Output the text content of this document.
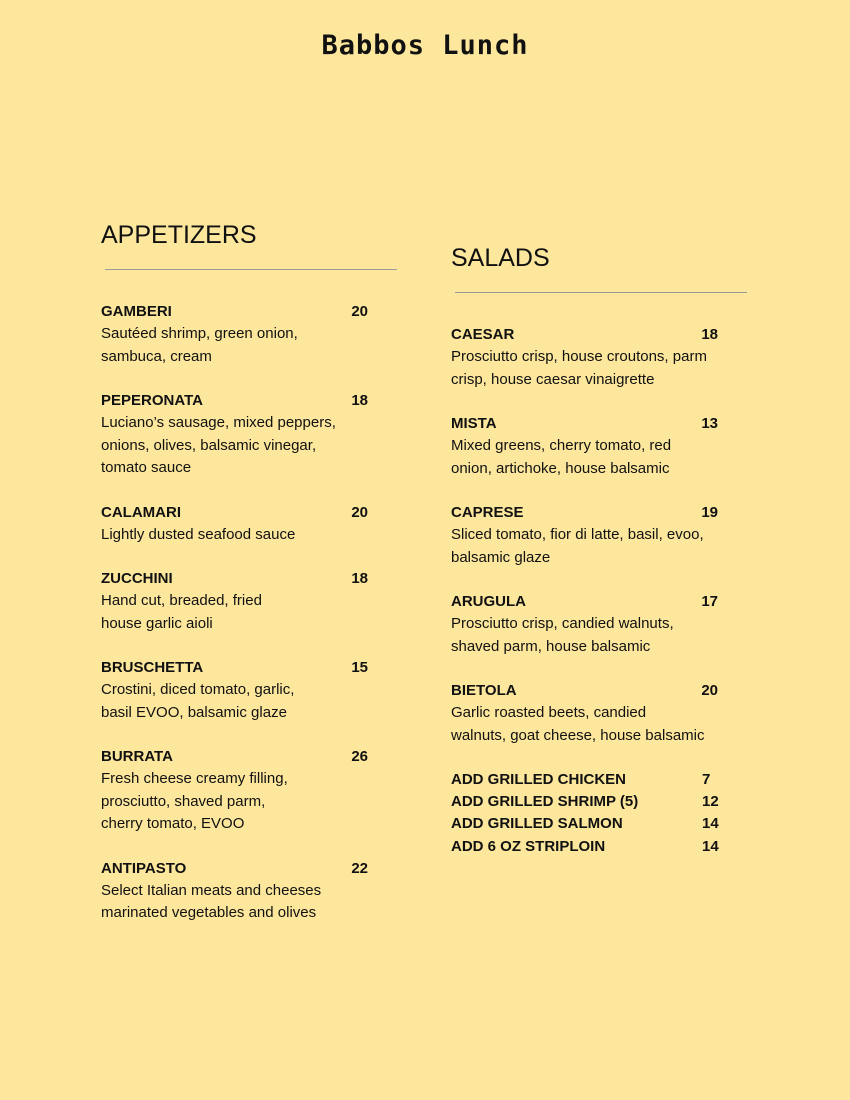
Babbos Lunch
APPETIZERS
GAMBERI	20
Sautéed shrimp, green onion,
sambuca, cream
PEPERONATA	18
Luciano’s sausage, mixed peppers,
onions, olives, balsamic vinegar,
tomato sauce
CALAMARI	20
Lightly dusted seafood sauce
ZUCCHINI	18
Hand cut, breaded, fried
house garlic aioli
BRUSCHETTA	15
Crostini, diced tomato, garlic,
basil EVOO, balsamic glaze
BURRATA	26
Fresh cheese creamy filling,
prosciutto, shaved parm,
cherry tomato, EVOO
ANTIPASTO	22
Select Italian meats and cheeses
marinated vegetables and olives
SALADS
CAESAR	18
Prosciutto crisp, house croutons, parm
crisp, house caesar vinaigrette
MISTA	13
Mixed greens, cherry tomato, red
onion, artichoke, house balsamic
CAPRESE	19
Sliced tomato, fior di latte, basil, evoo,
balsamic glaze
ARUGULA	17
Prosciutto crisp, candied walnuts,
shaved parm, house balsamic
BIETOLA	20
Garlic roasted beets, candied
walnuts, goat cheese, house balsamic
ADD GRILLED CHICKEN	7
ADD GRILLED SHRIMP (5)	12
ADD GRILLED SALMON	14
ADD 6 OZ STRIPLOIN	14
